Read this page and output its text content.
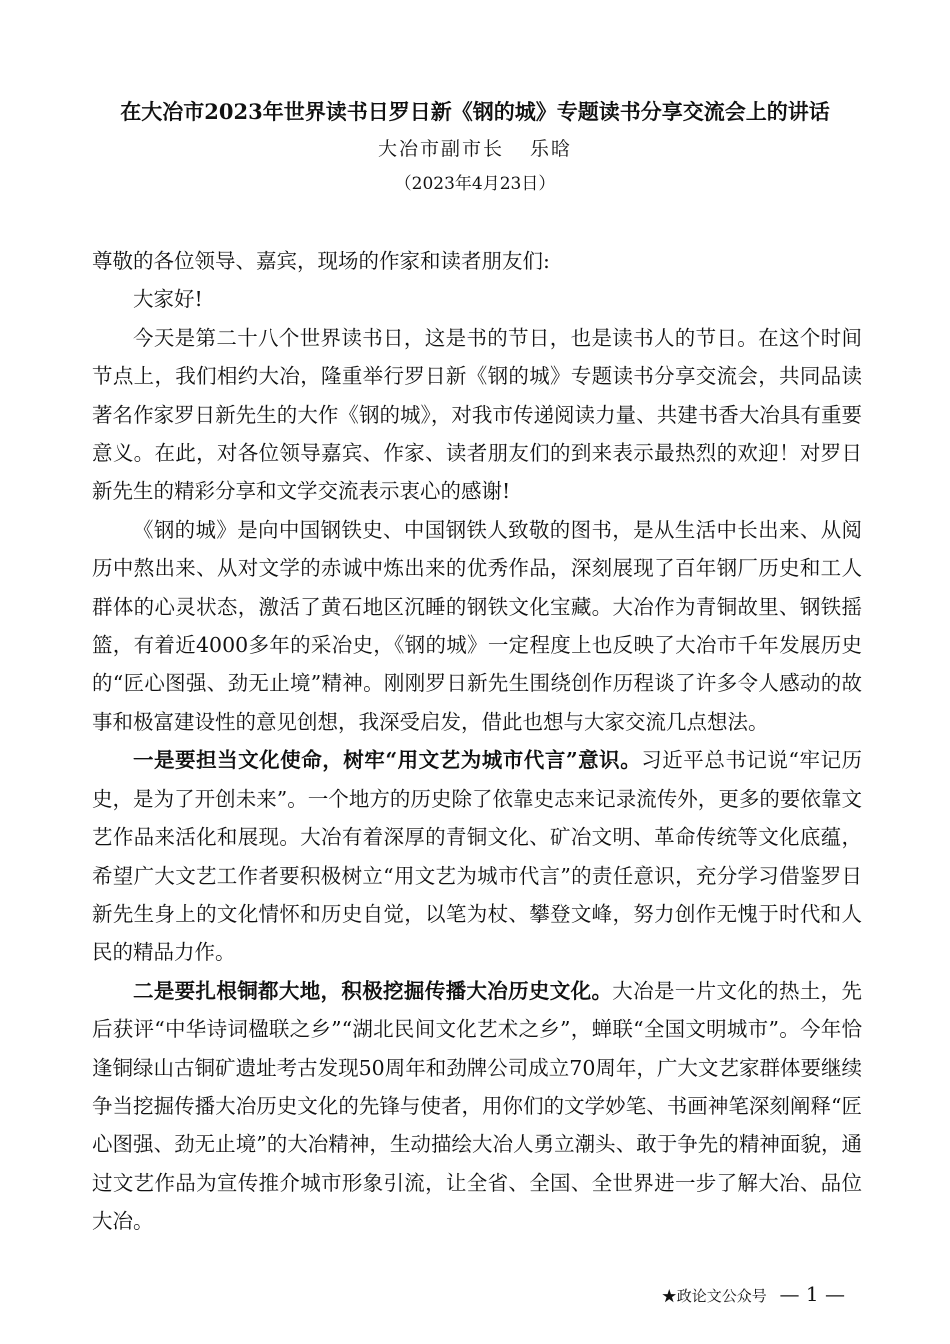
在大冶市2023年世界读书日罗日新《钢的城》专题读书分享交流会上的讲话
大冶市副市长 乐晗
（2023年4月23日）

尊敬的各位领导、嘉宾，现场的作家和读者朋友们:

大家好!

今天是第二十八个世界读书日，这是书的节日，也是读书人的节日。在这个时间节点上，我们相约大冶，隆重举行罗日新《钢的城》专题读书分享交流会，共同品读著名作家罗日新先生的大作《钢的城》，对我市传递阅读力量、共建书香大冶具有重要意义。在此，对各位领导嘉宾、作家、读者朋友们的到来表示最热烈的欢迎！对罗日新先生的精彩分享和文学交流表示衷心的感谢!

《钢的城》是向中国钢铁史、中国钢铁人致敬的图书，是从生活中长出来、从阅历中熬出来、从对文学的赤诚中炼出来的优秀作品，深刻展现了百年钢厂历史和工人群体的心灵状态，激活了黄石地区沉睡的钢铁文化宝藏。大冶作为青铜故里、钢铁摇篮，有着近4000多年的采冶史，《钢的城》一定程度上也反映了大冶市千年发展历史的“匠心图强、劲无止境”精神。刚刚罗日新先生围绕创作历程谈了许多令人感动的故事和极富建设性的意见创想，我深受启发，借此也想与大家交流几点想法。

一是要担当文化使命，树牢“用文艺为城市代言”意识。习近平总书记说“牢记历史，是为了开创未来”。一个地方的历史除了依靠史志来记录流传外，更多的要依靠文艺作品来活化和展现。大冶有着深厚的青铜文化、矿冶文明、革命传统等文化底蕴，希望广大文艺工作者要积极树立“用文艺为城市代言”的责任意识，充分学习借鉴罗日新先生身上的文化情怀和历史自觉，以笔为杖、攀登文峰，努力创作无愧于时代和人民的精品力作。

二是要扎根铜都大地，积极挖掘传播大冶历史文化。大冶是一片文化的热土，先后获评“中华诗词楹联之乡”“湖北民间文化艺术之乡”，蝉联“全国文明城市”。今年恰逢铜绿山古铜矿遗址考古发现50周年和劲牌公司成立70周年，广大文艺家群体要继续争当挖掘传播大冶历史文化的先锋与使者，用你们的文学妙笔、书画神笔深刻阐释“匠心图强、劲无止境”的大冶精神，生动描绘大冶人勇立潮头、敢于争先的精神面貌，通过文艺作品为宣传推介城市形象引流，让全省、全国、全世界进一步了解大冶、品位大冶。

★政论文公众号 — 1 —
